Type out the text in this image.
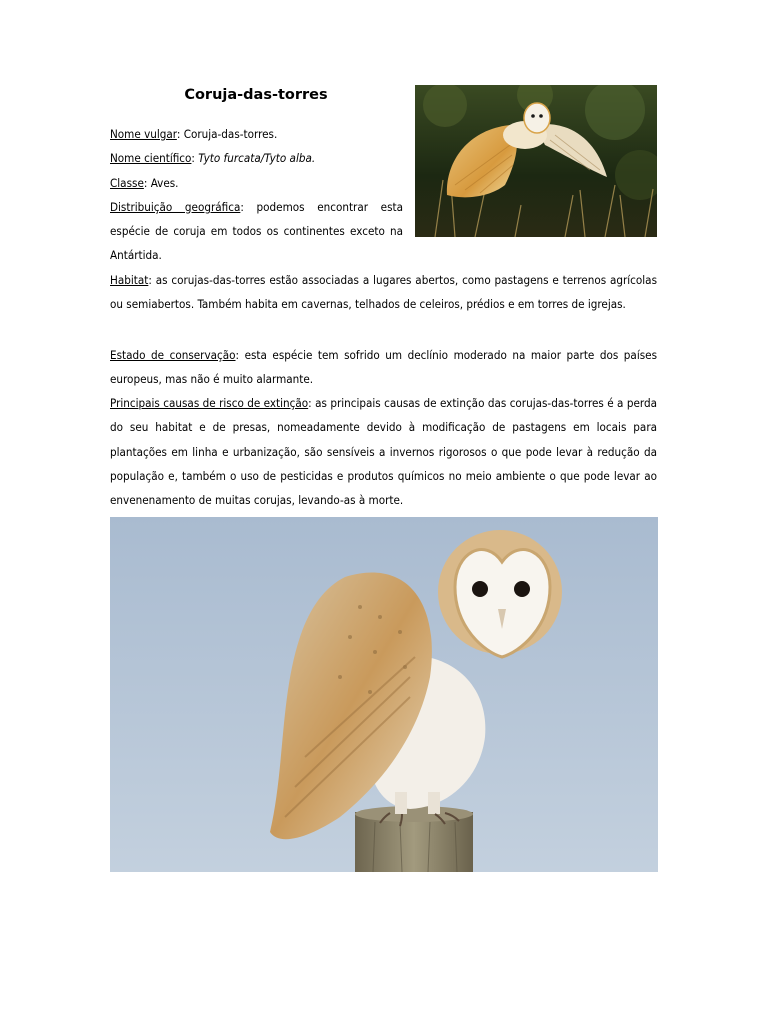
Coruja-das-torres
Nome vulgar: Coruja-das-torres.
Nome científico: Tyto furcata/Tyto alba.
Classe: Aves.
Distribuição geográfica: podemos encontrar esta espécie de coruja em todos os continentes exceto na Antártida.
Habitat: as corujas-das-torres estão associadas a lugares abertos, como pastagens e terrenos agrícolas ou semiabertos. Também habita em cavernas, telhados de celeiros, prédios e em torres de igrejas.
Estado de conservação: esta espécie tem sofrido um declínio moderado na maior parte dos países europeus, mas não é muito alarmante.
Principais causas de risco de extinção: as principais causas de extinção das corujas-das-torres é a perda do seu habitat e de presas, nomeadamente devido à modificação de pastagens em locais para plantações em linha e urbanização, são sensíveis a invernos rigorosos o que pode levar à redução da população e, também o uso de pesticidas e produtos químicos no meio ambiente o que pode levar ao envenenamento de muitas corujas, levando-as à morte.
